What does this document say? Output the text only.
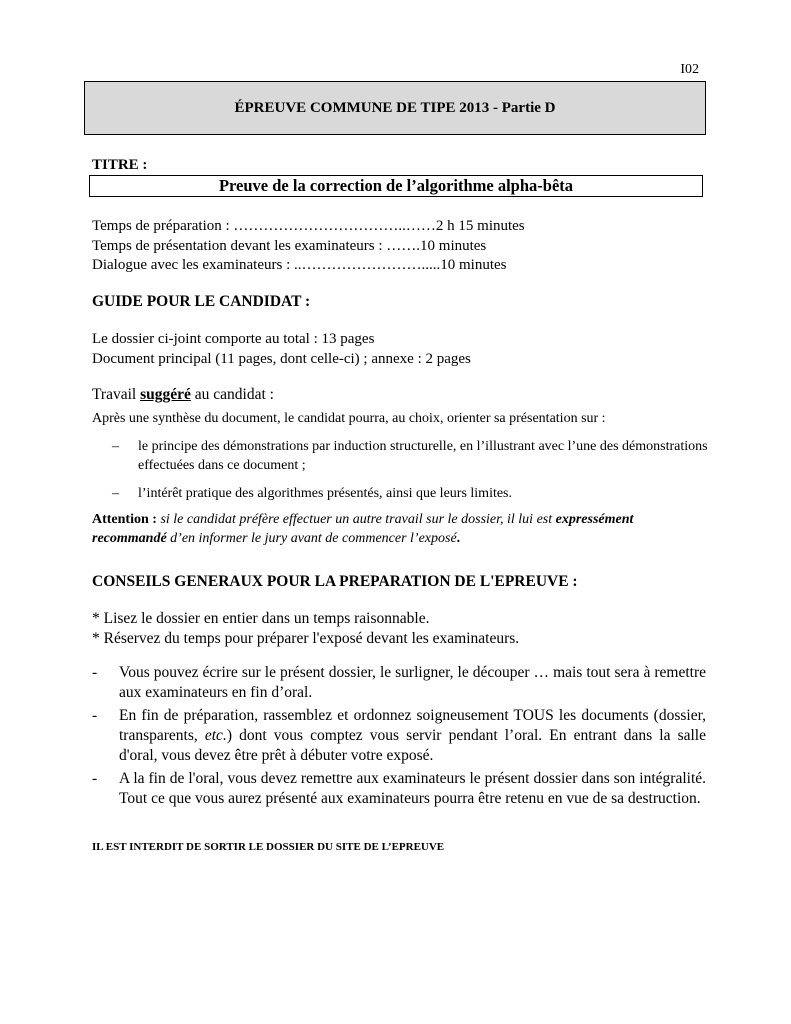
I02
ÉPREUVE COMMUNE DE TIPE 2013 - Partie D
TITRE :
Preuve de la correction de l’algorithme alpha-bêta
Temps de préparation : ……………………………..……2 h 15 minutes
Temps de présentation devant les examinateurs : …….10 minutes
Dialogue avec les examinateurs : ..…………………….....10 minutes
GUIDE POUR LE CANDIDAT :
Le dossier ci-joint comporte au total : 13 pages
Document principal (11 pages, dont celle-ci) ; annexe : 2 pages
Travail suggéré au candidat :
Après une synthèse du document, le candidat pourra, au choix, orienter sa présentation sur :
–	le principe des démonstrations par induction structurelle, en l’illustrant avec l’une des démonstrations effectuées dans ce document ;
–	l’intérêt pratique des algorithmes présentés, ainsi que leurs limites.
Attention : si le candidat préfère effectuer un autre travail sur le dossier, il lui est expressément recommandé d’en informer le jury avant de commencer l’exposé.
CONSEILS GENERAUX POUR LA PREPARATION DE L'EPREUVE :
* Lisez le dossier en entier dans un temps raisonnable.
* Réservez du temps pour préparer l'exposé devant les examinateurs.
-	Vous pouvez écrire sur le présent dossier, le surligner, le découper … mais tout sera à remettre aux examinateurs en fin d’oral.
-	En fin de préparation, rassemblez et ordonnez soigneusement TOUS les documents (dossier, transparents, etc.) dont vous comptez vous servir pendant l’oral. En entrant dans la salle d'oral, vous devez être prêt à débuter votre exposé.
-	A la fin de l'oral, vous devez remettre aux examinateurs le présent dossier dans son intégralité. Tout ce que vous aurez présenté aux examinateurs pourra être retenu en vue de sa destruction.
IL EST INTERDIT DE SORTIR LE DOSSIER DU SITE DE L’EPREUVE
